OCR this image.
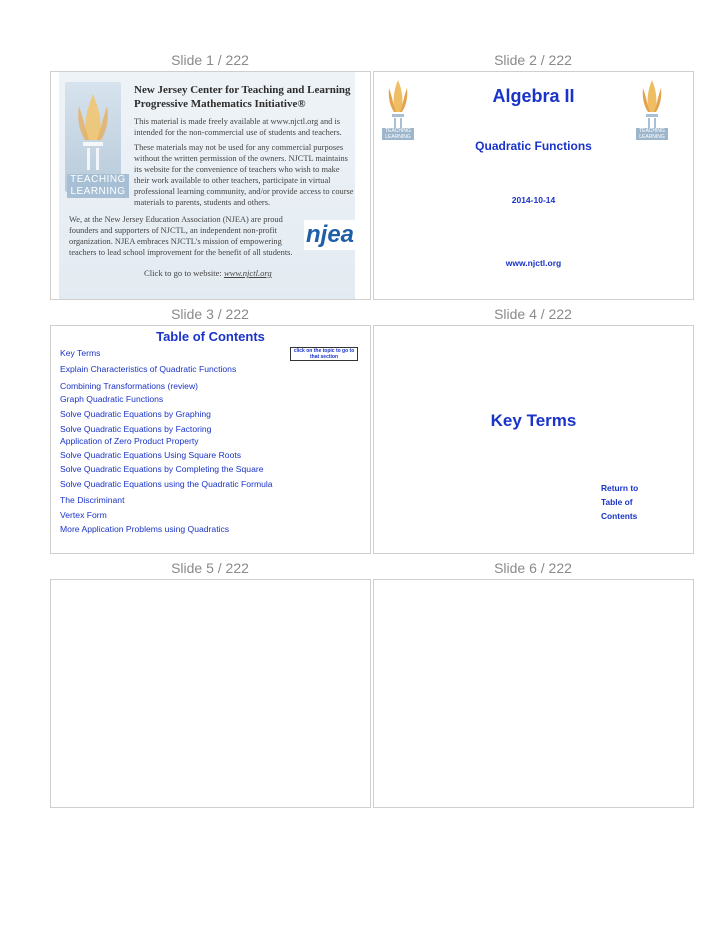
Slide 1 / 222	Slide 2 / 222
Slide 3 / 222	Slide 4 / 222
Slide 5 / 222	Slide 6 / 222
TEACHING LEARNING
New Jersey Center for Teaching and Learning
Progressive Mathematics Initiative®
This material is made freely available at www.njctl.org and is intended for the non-commercial use of students and teachers.
These materials may not be used for any commercial purposes without the written permission of the owners. NJCTL maintains its website for the convenience of teachers who wish to make their work available to other teachers, participate in virtual professional learning community, and/or provide access to course materials to parents, students and others.
We, at the New Jersey Education Association (NJEA) are proud founders and supporters of NJCTL, an independent non-profit organization. NJEA embraces NJCTL's mission of empowering teachers to lead school improvement for the benefit of all students.
njea
Click to go to website: www.njctl.org
TEACHING LEARNING
TEACHING LEARNING
Algebra II
Quadratic Functions
2014-10-14
www.njctl.org
Table of Contents
click on the topic to go to that section
Key Terms
Explain Characteristics of Quadratic Functions
Combining Transformations (review)
Graph Quadratic Functions
Solve Quadratic Equations by Graphing
Solve Quadratic Equations by Factoring
Application of Zero Product Property
Solve Quadratic Equations Using Square Roots
Solve Quadratic Equations by Completing the Square
Solve Quadratic Equations using the Quadratic Formula
The Discriminant
Vertex Form
More Application Problems using Quadratics
Key Terms
Return to
Table of
Contents
